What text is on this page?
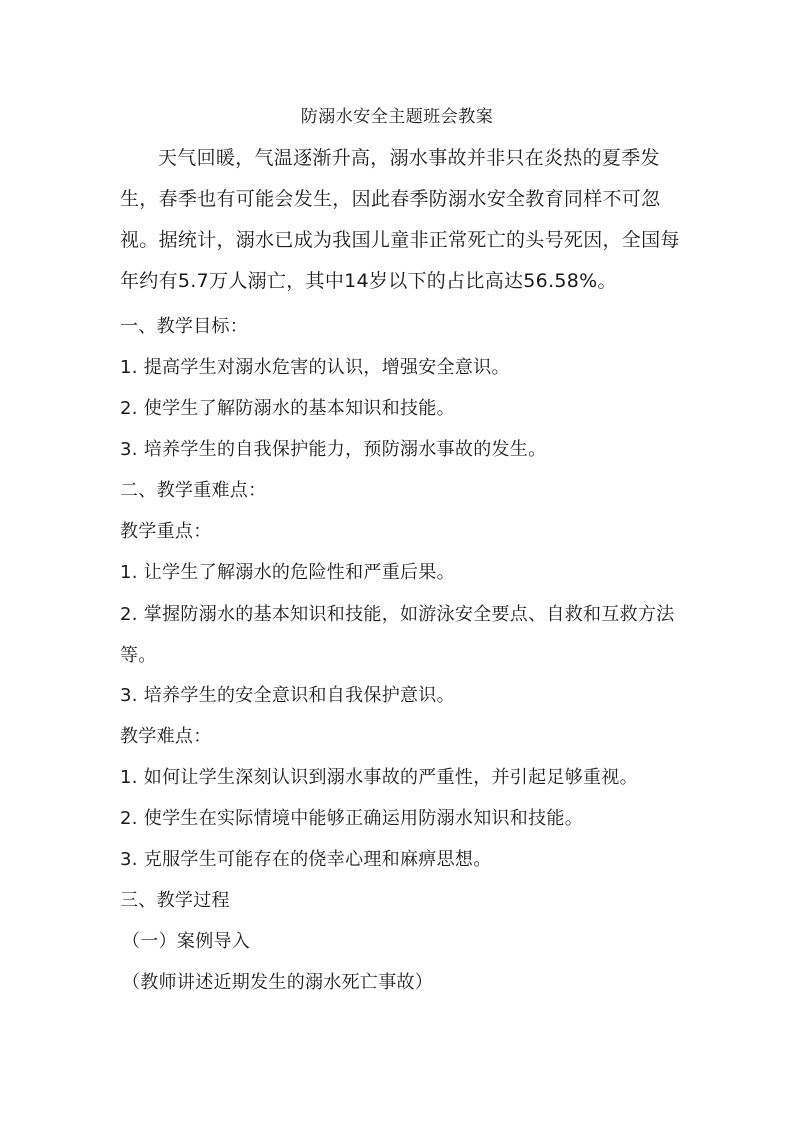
防溺水安全主题班会教案

天气回暖，气温逐渐升高，溺水事故并非只在炎热的夏季发生，春季也有可能会发生，因此春季防溺水安全教育同样不可忽视。据统计，溺水已成为我国儿童非正常死亡的头号死因，全国每年约有5.7万人溺亡，其中14岁以下的占比高达56.58%。

一、教学目标：
1. 提高学生对溺水危害的认识，增强安全意识。
2. 使学生了解防溺水的基本知识和技能。
3. 培养学生的自我保护能力，预防溺水事故的发生。
二、教学重难点：
教学重点：
1. 让学生了解溺水的危险性和严重后果。
2. 掌握防溺水的基本知识和技能，如游泳安全要点、自救和互救方法等。
3. 培养学生的安全意识和自我保护意识。
教学难点：
1. 如何让学生深刻认识到溺水事故的严重性，并引起足够重视。
2. 使学生在实际情境中能够正确运用防溺水知识和技能。
3. 克服学生可能存在的侥幸心理和麻痹思想。
三、教学过程
（一）案例导入
（教师讲述近期发生的溺水死亡事故）
